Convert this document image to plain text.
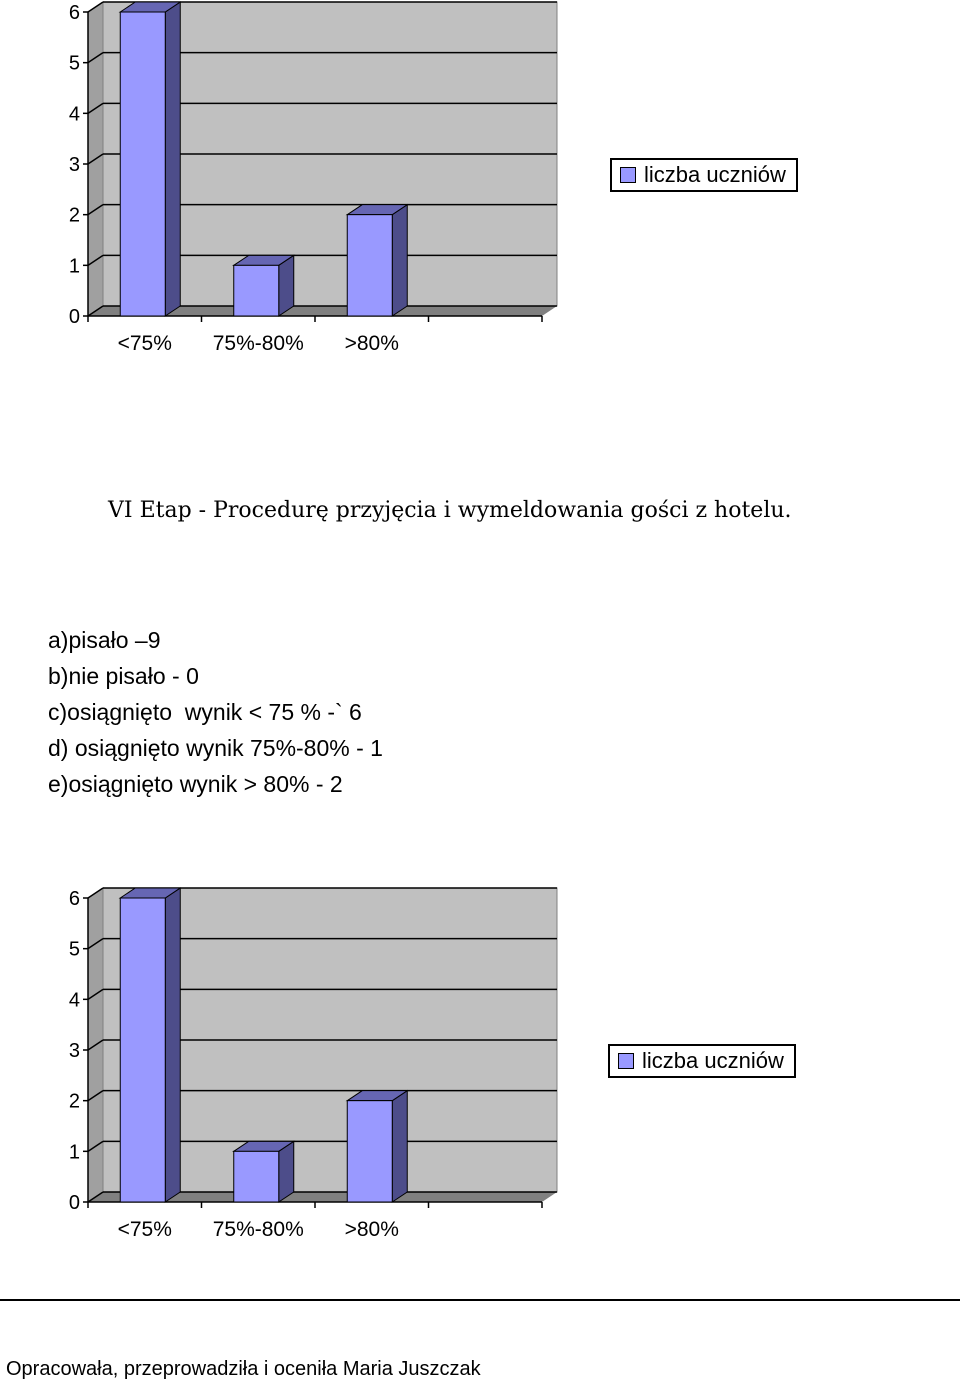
0
1
2
3
4
5
6
<75% 75%-80% >80%
liczba uczniów
VI Etap - Procedurę przyjęcia i wymeldowania gości z hotelu.
a)pisało –9
b)nie pisało - 0
c)osiągnięto  wynik < 75 % -` 6
d) osiągnięto wynik 75%-80% - 1
e)osiągnięto wynik > 80% - 2
0
1
2
3
4
5
6
<75% 75%-80% >80%
liczba uczniów
Opracowała, przeprowadziła i oceniła Maria Juszczak
